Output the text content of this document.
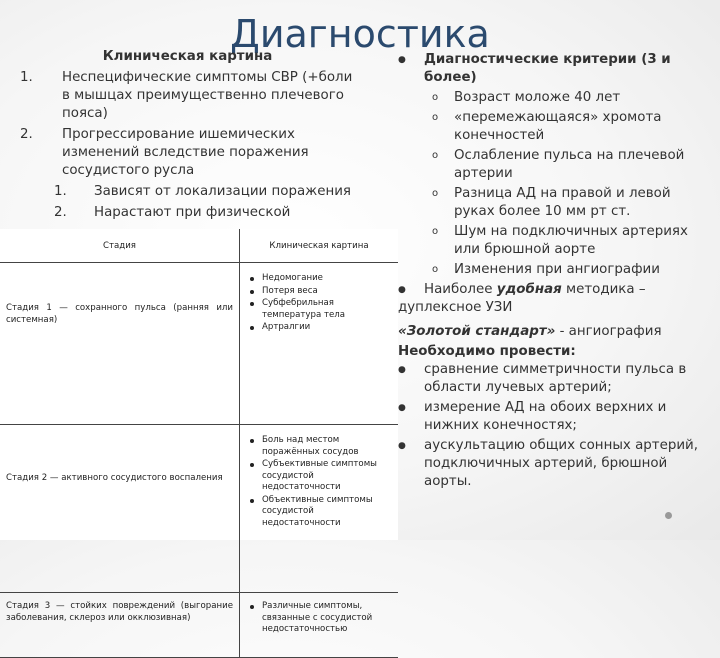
Диагностика
Клиническая картина
1. Неспецифические симптомы СВР (+боли в мышцах преимущественно плечевого пояса)
2. Прогрессирование ишемических изменений вследствие поражения сосудистого русла
1. Зависят от локализации поражения
2. Нарастают при физической
Стадия	Клиническая картина
Стадия 1 — сохранного пульса (ранняя или системная)	Недомогание
Потеря веса
Субфебрильная температура тела
Артралгии

Стадия 2 — активного сосудистого воспаления	Боль над местом поражённых сосудов
Субъективные симптомы сосудистой недостаточности
Объективные симптомы сосудистой недостаточности

Стадия 3 — стойких повреждений (выгорание заболевания, склероз или окклюзивная)	Различные симптомы, связанные с сосудистой недостаточностью
● Диагностические критерии (3 и более)
o Возраст моложе 40 лет
o «перемежающаяся» хромота конечностей
o Ослабление пульса на плечевой артерии
o Разница АД на правой и левой руках более 10 мм рт ст.
o Шум на подключичных артериях или брюшной аорте
o Изменения при ангиографии
● Наиболее удобная методика –
дуплексное УЗИ
«Золотой стандарт» - ангиография
Необходимо провести:
● сравнение симметричности пульса в области лучевых артерий;
● измерение АД на обоих верхних и нижних конечностях;
● аускультацию общих сонных артерий, подключичных артерий, брюшной аорты.
